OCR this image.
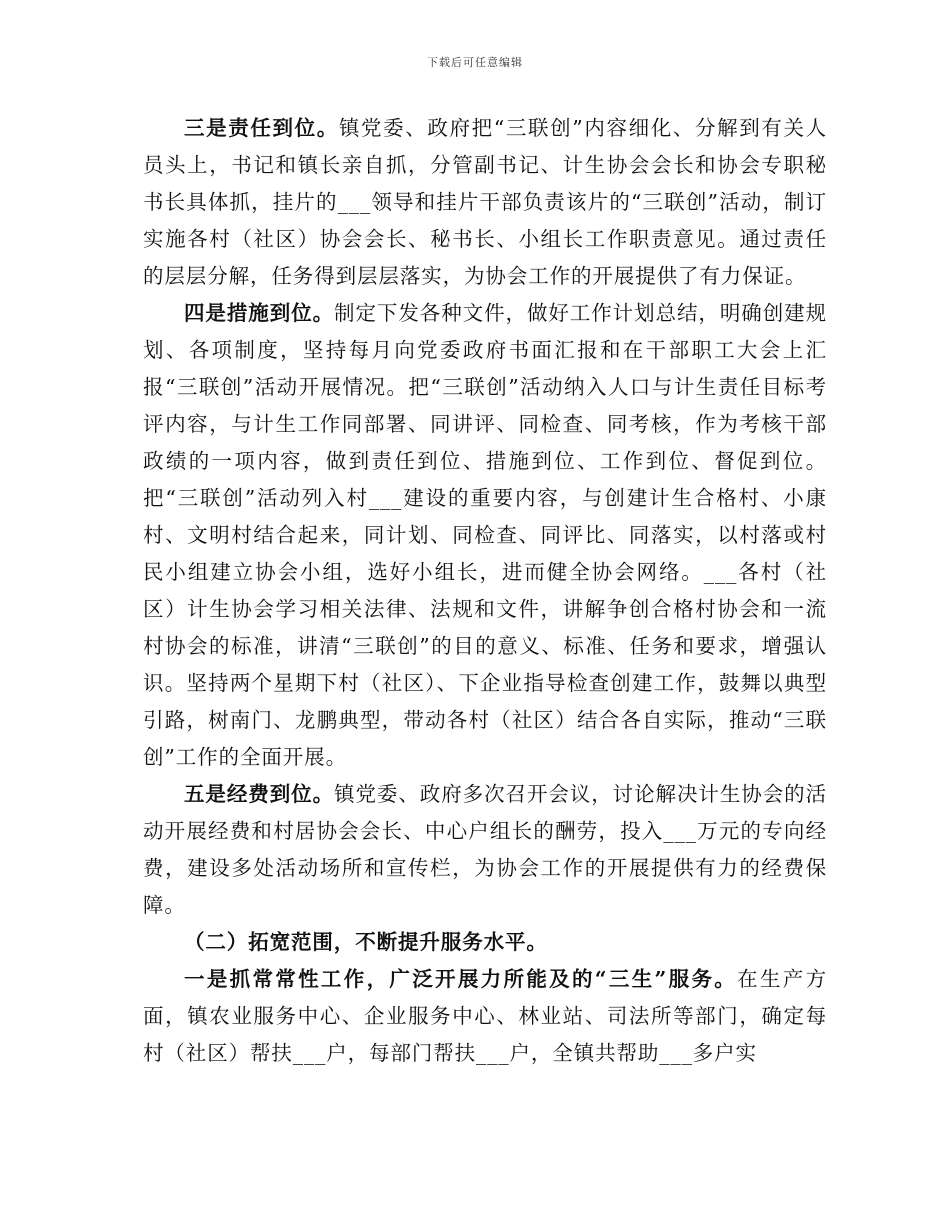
下载后可任意编辑

三是责任到位。镇党委、政府把“三联创”内容细化、分解到有关人员头上，书记和镇长亲自抓，分管副书记、计生协会会长和协会专职秘书长具体抓，挂片的___领导和挂片干部负责该片的“三联创”活动，制订实施各村（社区）协会会长、秘书长、小组长工作职责意见。通过责任的层层分解，任务得到层层落实，为协会工作的开展提供了有力保证。

四是措施到位。制定下发各种文件，做好工作计划总结，明确创建规划、各项制度，坚持每月向党委政府书面汇报和在干部职工大会上汇报“三联创”活动开展情况。把“三联创”活动纳入人口与计生责任目标考评内容，与计生工作同部署、同讲评、同检查、同考核，作为考核干部政绩的一项内容，做到责任到位、措施到位、工作到位、督促到位。把“三联创”活动列入村___建设的重要内容，与创建计生合格村、小康村、文明村结合起来，同计划、同检查、同评比、同落实，以村落或村民小组建立协会小组，选好小组长，进而健全协会网络。___各村（社区）计生协会学习相关法律、法规和文件，讲解争创合格村协会和一流村协会的标准，讲清“三联创”的目的意义、标准、任务和要求，增强认识。坚持两个星期下村（社区）、下企业指导检查创建工作，鼓舞以典型引路，树南门、龙鹏典型，带动各村（社区）结合各自实际，推动“三联创”工作的全面开展。

五是经费到位。镇党委、政府多次召开会议，讨论解决计生协会的活动开展经费和村居协会会长、中心户组长的酬劳，投入___万元的专向经费，建设多处活动场所和宣传栏，为协会工作的开展提供有力的经费保障。

（二）拓宽范围，不断提升服务水平。

一是抓常常性工作，广泛开展力所能及的“三生”服务。在生产方面，镇农业服务中心、企业服务中心、林业站、司法所等部门，确定每村（社区）帮扶___户，每部门帮扶___户，全镇共帮助___多户实
